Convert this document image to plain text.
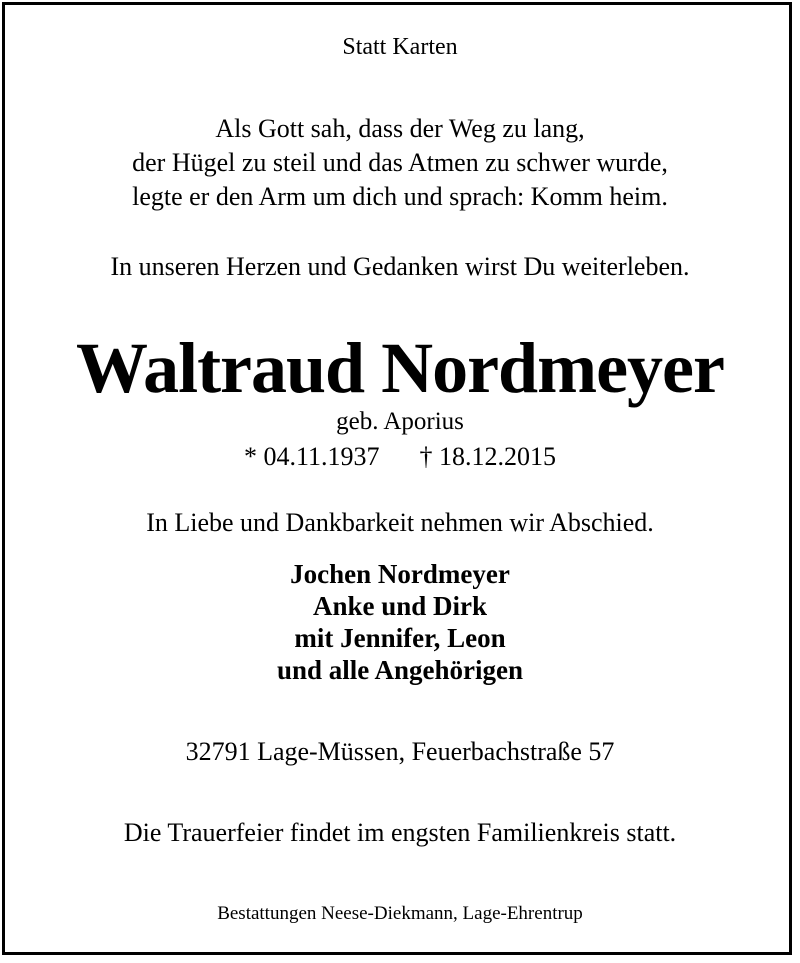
Statt Karten
Als Gott sah, dass der Weg zu lang,
der Hügel zu steil und das Atmen zu schwer wurde,
legte er den Arm um dich und sprach: Komm heim.
In unseren Herzen und Gedanken wirst Du weiterleben.
Waltraud Nordmeyer
geb. Aporius
* 04.11.1937 † 18.12.2015
In Liebe und Dankbarkeit nehmen wir Abschied.
Jochen Nordmeyer
Anke und Dirk
mit Jennifer, Leon
und alle Angehörigen
32791 Lage-Müssen, Feuerbachstraße 57
Die Trauerfeier findet im engsten Familienkreis statt.
Bestattungen Neese-Diekmann, Lage-Ehrentrup
